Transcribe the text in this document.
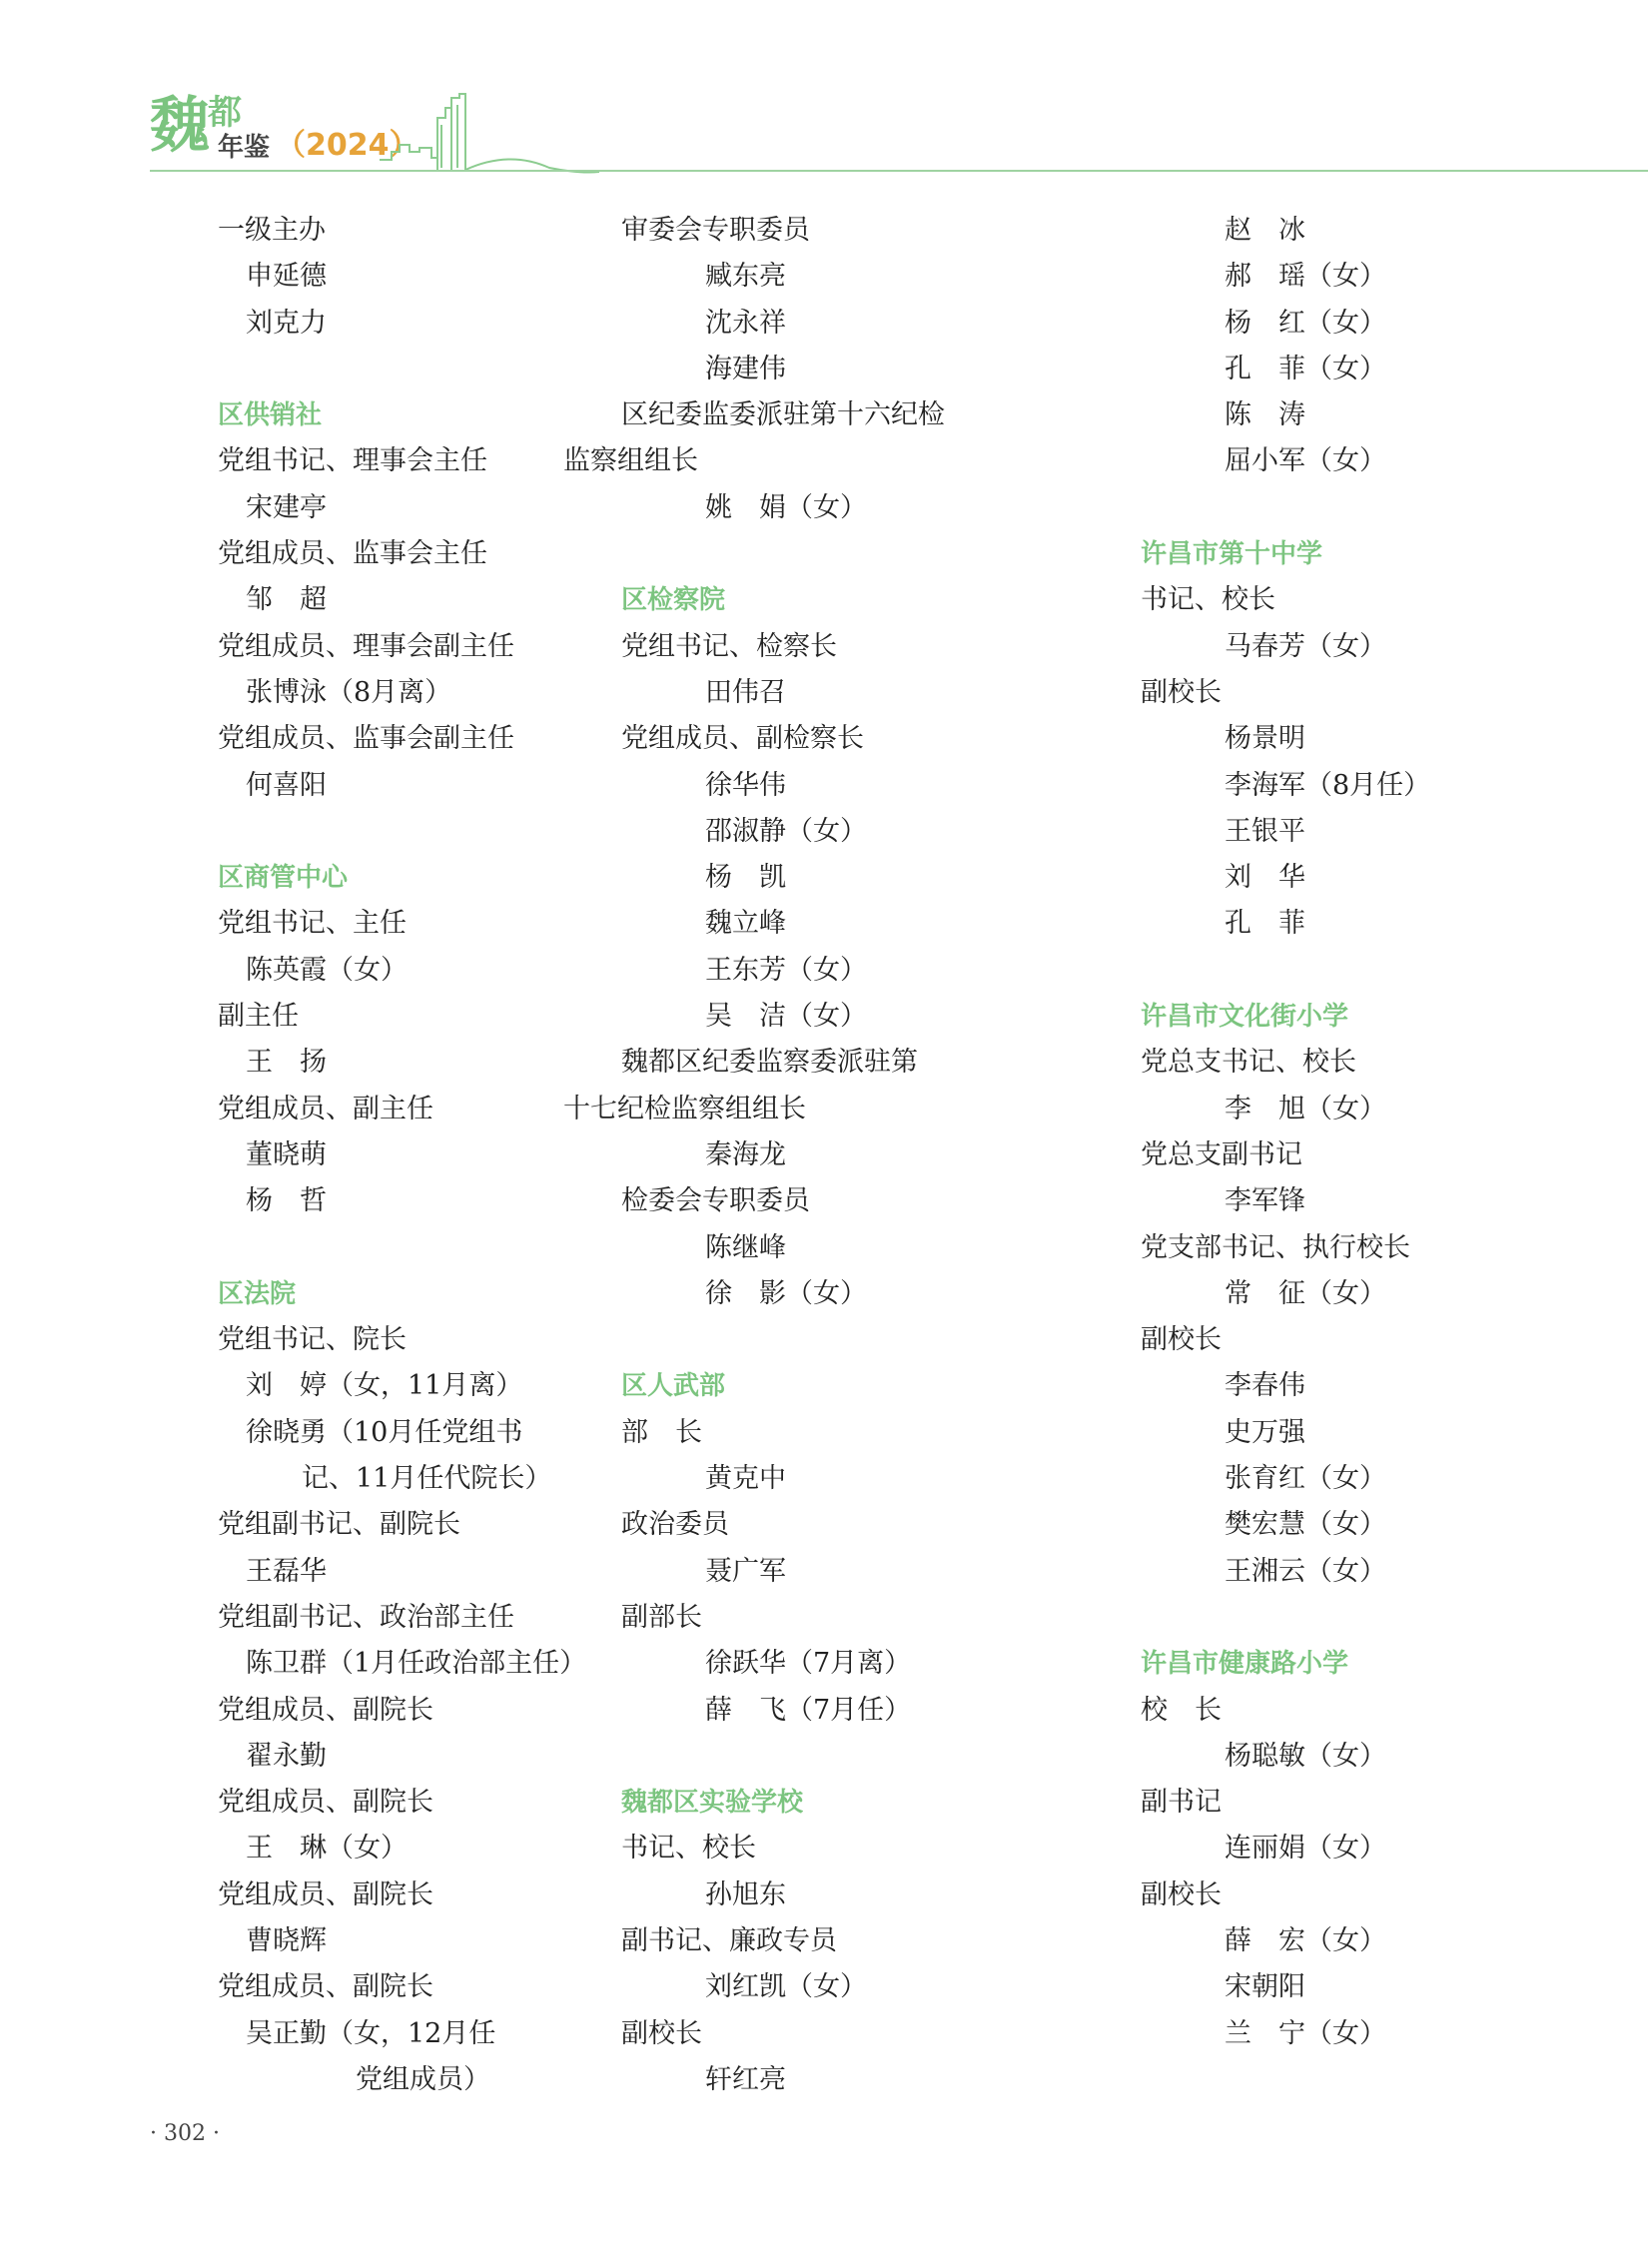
魏
都
年鉴 （2024）
一级主办
申延德
刘克力
区供销社
党组书记、理事会主任
宋建亭
党组成员、监事会主任
邹　超
党组成员、理事会副主任
张博泳（8月离）
党组成员、监事会副主任
何喜阳
区商管中心
党组书记、主任
陈英霞（女）
副主任
王　扬
党组成员、副主任
董晓萌
杨　哲
区法院
党组书记、院长
刘　婷（女，11月离）
徐晓勇（10月任党组书
记、11月任代院长）
党组副书记、副院长
王磊华
党组副书记、政治部主任
陈卫群（1月任政治部主任）
党组成员、副院长
翟永勤
党组成员、副院长
王　琳（女）
党组成员、副院长
曹晓辉
党组成员、副院长
吴正勤（女，12月任
党组成员）
审委会专职委员
臧东亮
沈永祥
海建伟
区纪委监委派驻第十六纪检
监察组组长
姚　娟（女）
区检察院
党组书记、检察长
田伟召
党组成员、副检察长
徐华伟
邵淑静（女）
杨　凯
魏立峰
王东芳（女）
吴　洁（女）
魏都区纪委监察委派驻第
十七纪检监察组组长
秦海龙
检委会专职委员
陈继峰
徐　影（女）
区人武部
部　长
黄克中
政治委员
聂广军
副部长
徐跃华（7月离）
薛　飞（7月任）
魏都区实验学校
书记、校长
孙旭东
副书记、廉政专员
刘红凯（女）
副校长
轩红亮
赵　冰
郝　瑶（女）
杨　红（女）
孔　菲（女）
陈　涛
屈小军（女）
许昌市第十中学
书记、校长
马春芳（女）
副校长
杨景明
李海军（8月任）
王银平
刘　华
孔　菲
许昌市文化街小学
党总支书记、校长
李　旭（女）
党总支副书记
李军锋
党支部书记、执行校长
常　征（女）
副校长
李春伟
史万强
张育红（女）
樊宏慧（女）
王湘云（女）
许昌市健康路小学
校　长
杨聪敏（女）
副书记
连丽娟（女）
副校长
薛　宏（女）
宋朝阳
兰　宁（女）
· 302 ·
